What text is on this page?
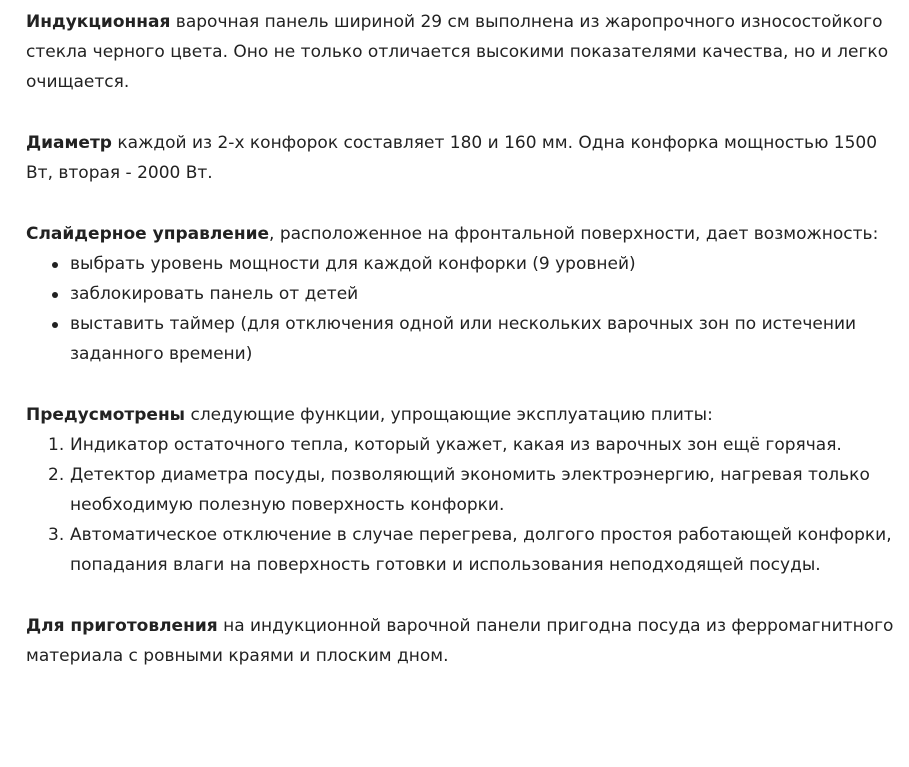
Индукционная варочная панель шириной 29 см выполнена из жаропрочного износостойкого стекла черного цвета. Оно не только отличается высокими показателями качества, но и легко очищается.

Диаметр каждой из 2-х конфорок составляет 180 и 160 мм. Одна конфорка мощностью 1500 Вт, вторая - 2000 Вт.

Слайдерное управление, расположенное на фронтальной поверхности, дает возможность:

выбрать уровень мощности для каждой конфорки (9 уровней)
заблокировать панель от детей
выставить таймер (для отключения одной или нескольких варочных зон по истечении заданного времени)

Предусмотрены следующие функции, упрощающие эксплуатацию плиты:

1. Индикатор остаточного тепла, который укажет, какая из варочных зон ещё горячая.
2. Детектор диаметра посуды, позволяющий экономить электроэнергию, нагревая только необходимую полезную поверхность конфорки.
3. Автоматическое отключение в случае перегрева, долгого простоя работающей конфорки, попадания влаги на поверхность готовки и использования неподходящей посуды.

Для приготовления на индукционной варочной панели пригодна посуда из ферромагнитного материала с ровными краями и плоским дном.
